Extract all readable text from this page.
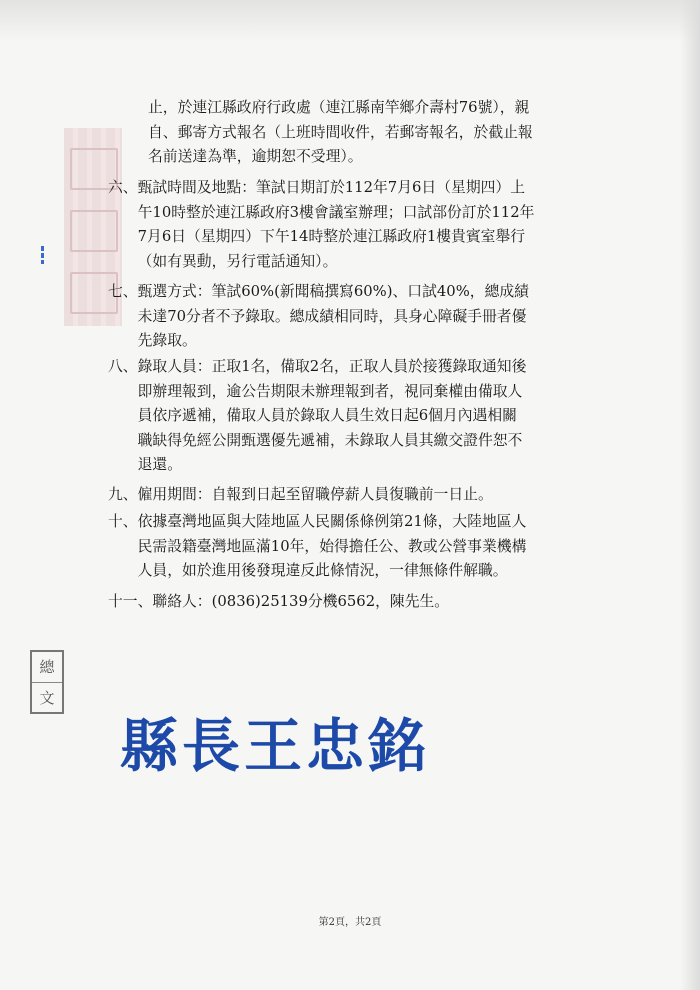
止，於連江縣政府行政處（連江縣南竿鄉介壽村76號），親
自、郵寄方式報名（上班時間收件，若郵寄報名，於截止報
名前送達為準，逾期恕不受理）。
六、 甄試時間及地點：筆試日期訂於112年7月6日（星期四）上
午10時整於連江縣政府3樓會議室辦理；口試部份訂於112年
7月6日（星期四）下午14時整於連江縣政府1樓貴賓室舉行
（如有異動，另行電話通知）。
七、 甄選方式：筆試60%(新聞稿撰寫60%)、口試40%，總成績
未達70分者不予錄取。總成績相同時，具身心障礙手冊者優
先錄取。
八、 錄取人員：正取1名，備取2名，正取人員於接獲錄取通知後
即辦理報到，逾公告期限未辦理報到者，視同棄權由備取人
員依序遞補，備取人員於錄取人員生效日起6個月內遇相關
職缺得免經公開甄選優先遞補，未錄取人員其繳交證件恕不
退還。
九、 僱用期間：自報到日起至留職停薪人員復職前一日止。
十、 依據臺灣地區與大陸地區人民關係條例第21條，大陸地區人
民需設籍臺灣地區滿10年，始得擔任公、教或公營事業機構
人員，如於進用後發現違反此條情況，一律無條件解職。
十一、 聯絡人：(0836)25139分機6562，陳先生。
總
文
縣長王忠銘
第2頁，共2頁
